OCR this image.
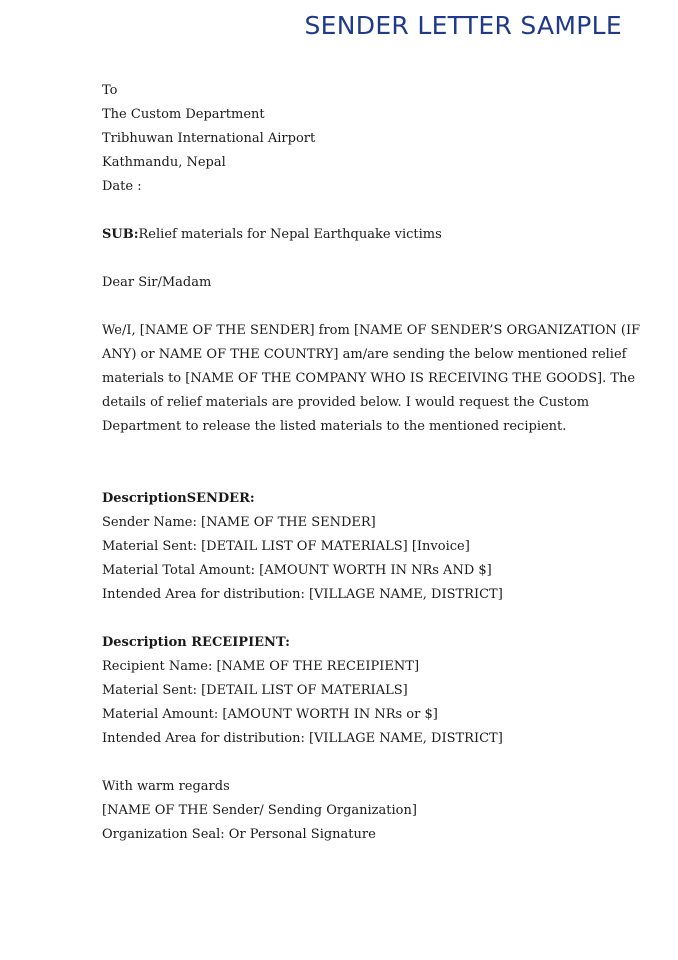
SENDER LETTER SAMPLE
To
The Custom Department
Tribhuwan International Airport
Kathmandu, Nepal
Date :
SUB:Relief materials for Nepal Earthquake victims
Dear Sir/Madam
We/I, [NAME OF THE SENDER] from [NAME OF SENDER’S ORGANIZATION (IF
ANY) or NAME OF THE COUNTRY] am/are sending the below mentioned relief
materials to [NAME OF THE COMPANY WHO IS RECEIVING THE GOODS]. The
details of relief materials are provided below. I would request the Custom
Department to release the listed materials to the mentioned recipient.
DescriptionSENDER:
Sender Name: [NAME OF THE SENDER]
Material Sent: [DETAIL LIST OF MATERIALS] [Invoice]
Material Total Amount: [AMOUNT WORTH IN NRs AND $]
Intended Area for distribution: [VILLAGE NAME, DISTRICT]
Description RECEIPIENT:
Recipient Name: [NAME OF THE RECEIPIENT]
Material Sent: [DETAIL LIST OF MATERIALS]
Material Amount: [AMOUNT WORTH IN NRs or $]
Intended Area for distribution: [VILLAGE NAME, DISTRICT]
With warm regards
[NAME OF THE Sender/ Sending Organization]
Organization Seal: Or Personal Signature
